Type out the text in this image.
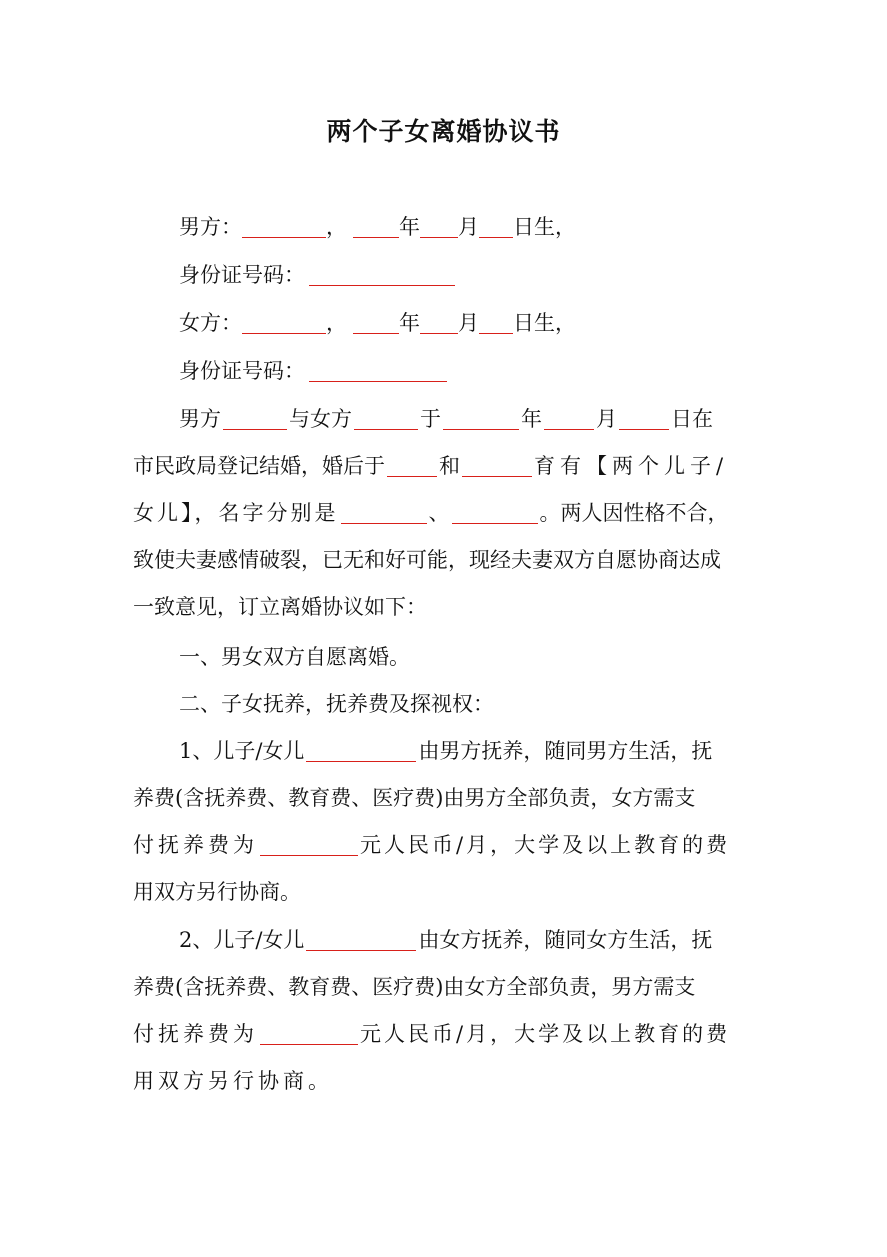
两个子女离婚协议书
男方：	， 年 月 日生，
身份证号码：
女方：	， 年 月 日生，
身份证号码：
男方	与女方	于	年	月	日在
市民政局登记结婚，婚后于	和	育有【两个儿子/
女儿】，名字分别是	、	。两人因性格不合，
致使夫妻感情破裂，已无和好可能，现经夫妻双方自愿协商达成
一致意见，订立离婚协议如下：
一、男女双方自愿离婚。
二、子女抚养，抚养费及探视权：
1、儿子/女儿	由男方抚养，随同男方生活，抚
养费(含抚养费、教育费、医疗费)由男方全部负责，女方需支
付抚养费为	元人民币/月，大学及以上教育的费
用双方另行协商。
2、儿子/女儿	由女方抚养，随同女方生活，抚
养费(含抚养费、教育费、医疗费)由女方全部负责，男方需支
付抚养费为	元人民币/月，大学及以上教育的费
用双方另行协商。
